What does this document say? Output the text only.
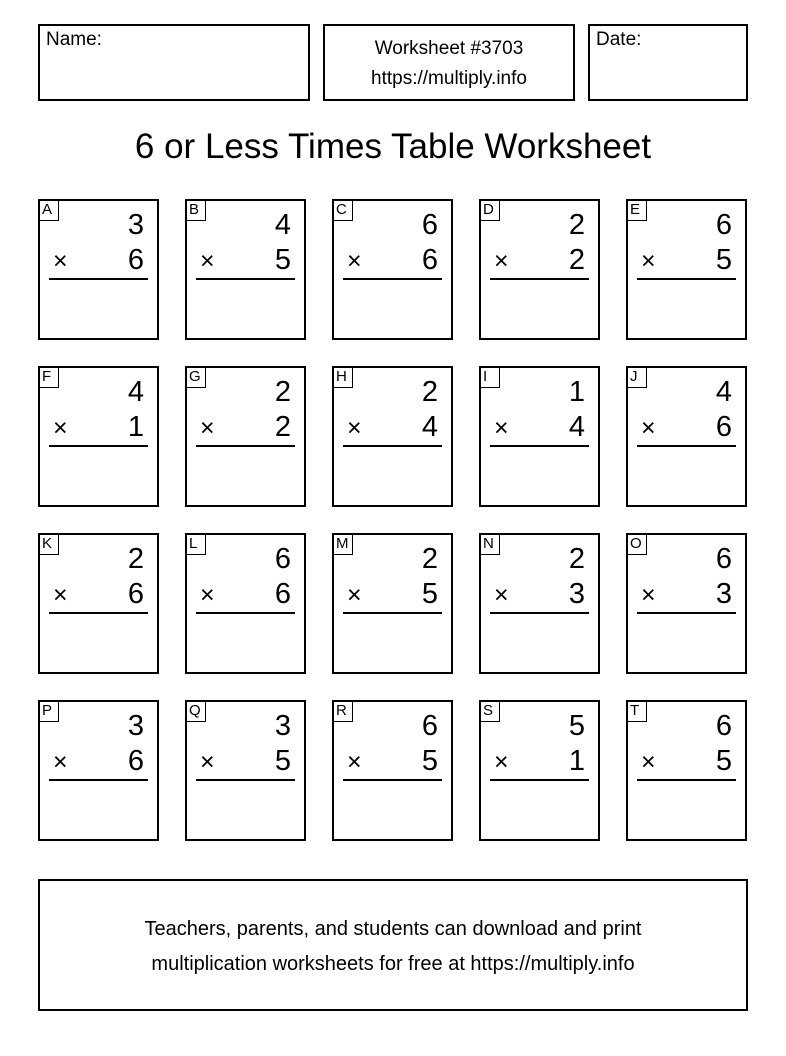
Name:	Worksheet #3703
https://multiply.info
Date:
6 or Less Times Table Worksheet
A	3
× 6
B	4
× 5
C	6
× 6
D	2
× 2
E	6
× 5
F	4
× 1
G	2
× 2
H	2
× 4
I	1
× 4
J	4
× 6
K	2
× 6
L	6
× 6
M	2
× 5
N	2
× 3
O	6
× 3
P	3
× 6
Q	3
× 5
R	6
× 5
S	5
× 1
T	6
× 5
Teachers, parents, and students can download and print
multiplication worksheets for free at https://multiply.info
